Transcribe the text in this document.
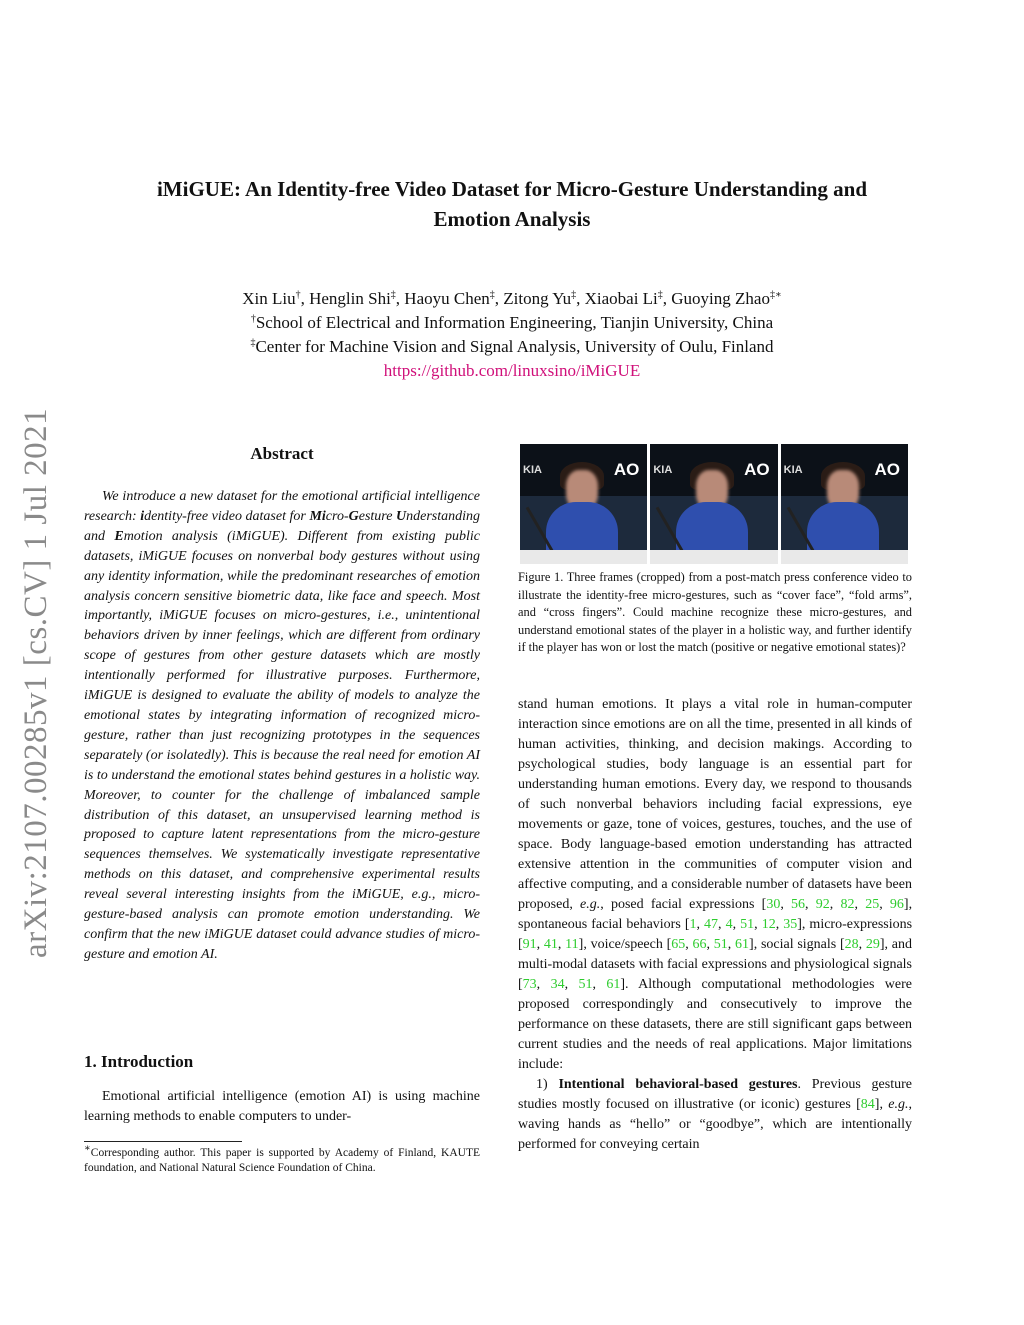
arXiv:2107.00285v1 [cs.CV] 1 Jul 2021
iMiGUE: An Identity-free Video Dataset for Micro-Gesture Understanding and
Emotion Analysis
Xin Liu†, Henglin Shi‡, Haoyu Chen‡, Zitong Yu‡, Xiaobai Li‡, Guoying Zhao‡∗
†School of Electrical and Information Engineering, Tianjin University, China
‡Center for Machine Vision and Signal Analysis, University of Oulu, Finland
https://github.com/linuxsino/iMiGUE
Abstract
We introduce a new dataset for the emotional artificial intelligence research: identity-free video dataset for Micro-Gesture Understanding and Emotion analysis (iMiGUE). Different from existing public datasets, iMiGUE focuses on nonverbal body gestures without using any identity information, while the predominant researches of emotion analysis concern sensitive biometric data, like face and speech. Most importantly, iMiGUE focuses on micro-gestures, i.e., unintentional behaviors driven by inner feelings, which are different from ordinary scope of gestures from other gesture datasets which are mostly intentionally performed for illustrative purposes. Furthermore, iMiGUE is designed to evaluate the ability of models to analyze the emotional states by integrating information of recognized micro-gesture, rather than just recognizing prototypes in the sequences separately (or isolatedly). This is because the real need for emotion AI is to understand the emotional states behind gestures in a holistic way. Moreover, to counter for the challenge of imbalanced sample distribution of this dataset, an unsupervised learning method is proposed to capture latent representations from the micro-gesture sequences themselves. We systematically investigate representative methods on this dataset, and comprehensive experimental results reveal several interesting insights from the iMiGUE, e.g., micro-gesture-based analysis can promote emotion understanding. We confirm that the new iMiGUE dataset could advance studies of micro-gesture and emotion AI.
1. Introduction
Emotional artificial intelligence (emotion AI) is using machine learning methods to enable computers to under-
∗Corresponding author. This paper is supported by Academy of Finland, KAUTE foundation, and National Natural Science Foundation of China.
KIA	AO KIA	AO KIA	AO
Figure 1. Three frames (cropped) from a post-match press conference video to illustrate the identity-free micro-gestures, such as “cover face”, “fold arms”, and “cross fingers”. Could machine recognize these micro-gestures, and understand emotional states of the player in a holistic way, and further identify if the player has won or lost the match (positive or negative emotional states)?

stand human emotions. It plays a vital role in human-computer interaction since emotions are on all the time, presented in all kinds of human activities, thinking, and decision makings. According to psychological studies, body language is an essential part for understanding human emotions. Every day, we respond to thousands of such nonverbal behaviors including facial expressions, eye movements or gaze, tone of voices, gestures, touches, and the use of space. Body language-based emotion understanding has attracted extensive attention in the communities of computer vision and affective computing, and a considerable number of datasets have been proposed, e.g., posed facial expressions [30, 56, 92, 82, 25, 96], spontaneous facial behaviors [1, 47, 4, 51, 12, 35], micro-expressions [91, 41, 11], voice/speech [65, 66, 51, 61], social signals [28, 29], and multi-modal datasets with facial expressions and physiological signals [73, 34, 51, 61]. Although computational methodologies were proposed correspondingly and consecutively to improve the performance on these datasets, there are still significant gaps between current studies and the needs of real applications. Major limitations include:

1) Intentional behavioral-based gestures. Previous gesture studies mostly focused on illustrative (or iconic) gestures [84], e.g., waving hands as “hello” or “goodbye”, which are intentionally performed for conveying certain
